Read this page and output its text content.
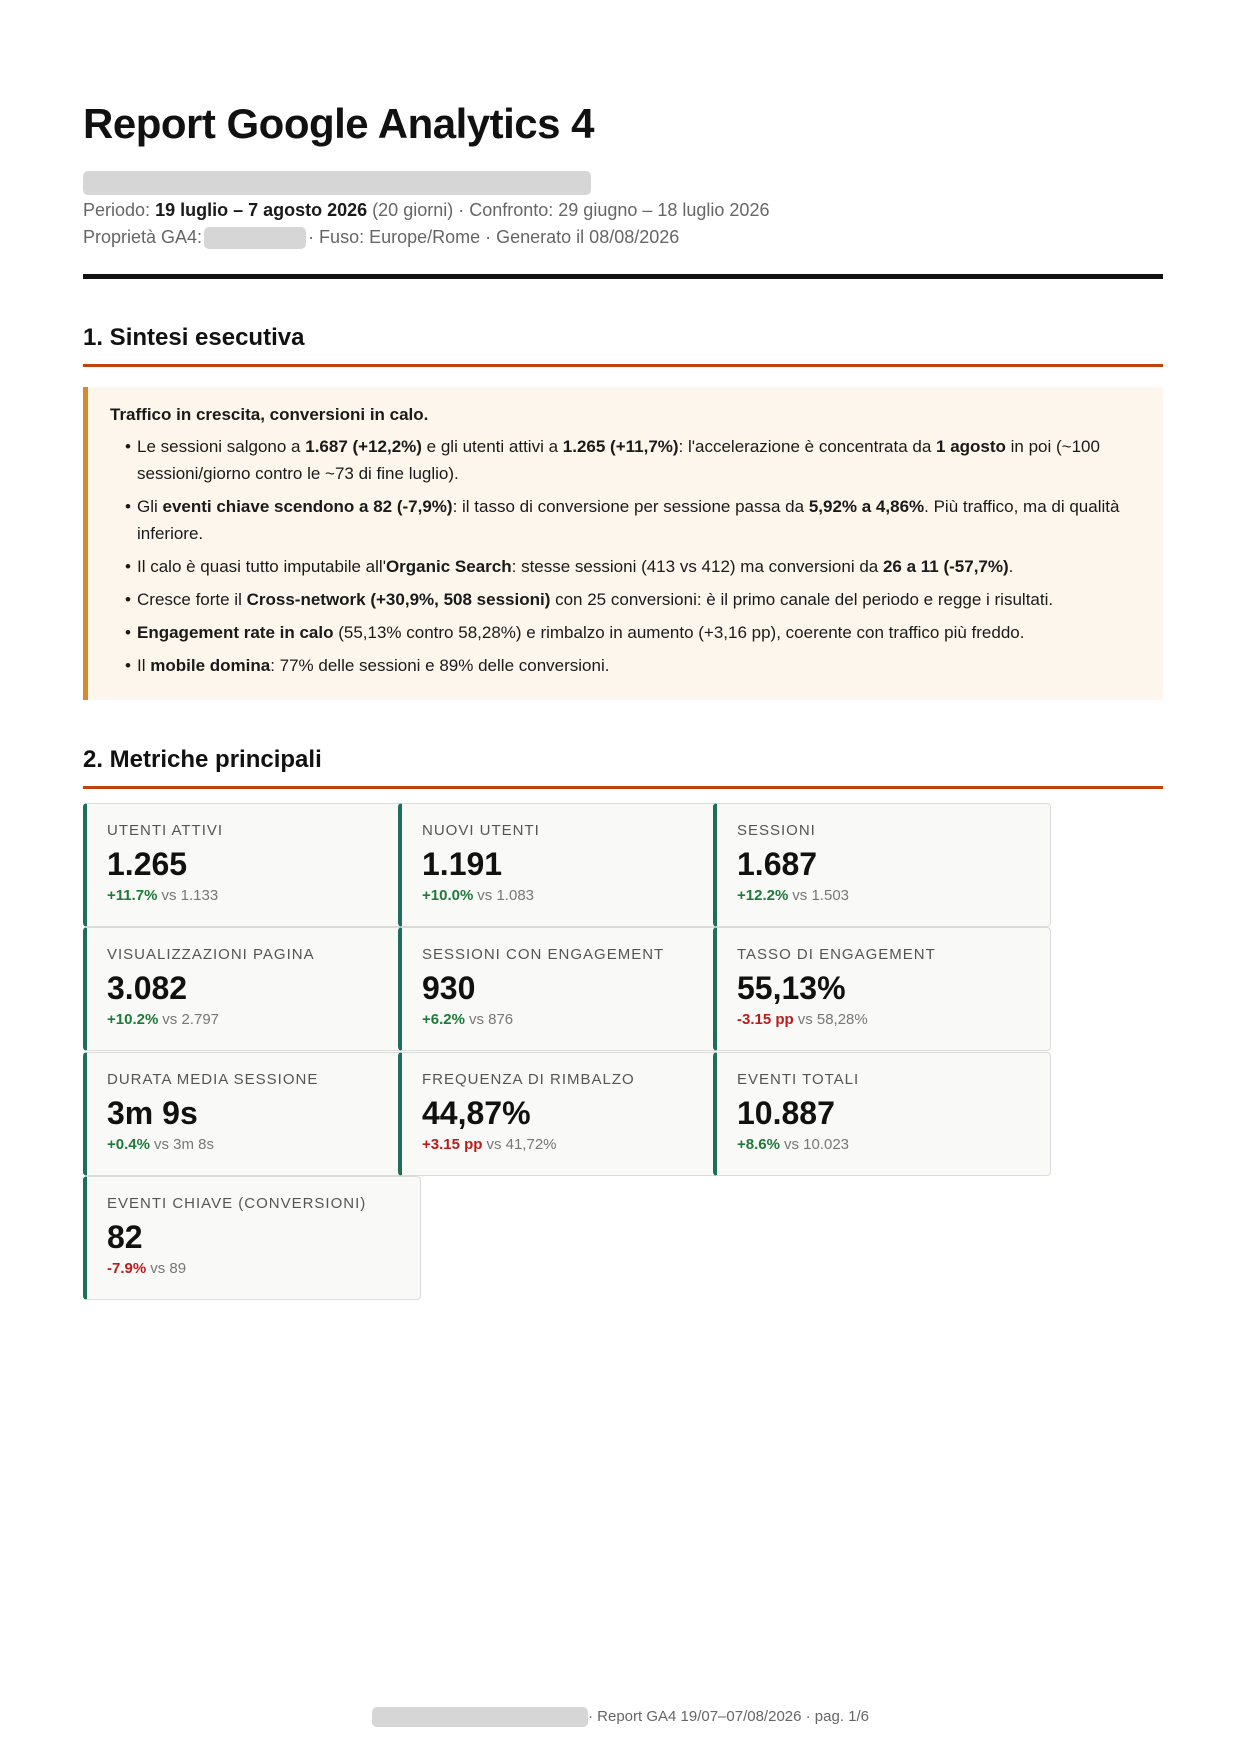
Report Google Analytics 4
Periodo: 19 luglio – 7 agosto 2026 (20 giorni) · Confronto: 29 giugno – 18 luglio 2026
Proprietà GA4:	· Fuso: Europe/Rome · Generato il 08/08/2026
1. Sintesi esecutiva

Traffico in crescita, conversioni in calo.

• Le sessioni salgono a 1.687 (+12,2%) e gli utenti attivi a 1.265 (+11,7%): l'accelerazione è concentrata da 1 agosto in poi (~100 sessioni/giorno contro le ~73 di fine luglio).
• Gli eventi chiave scendono a 82 (-7,9%): il tasso di conversione per sessione passa da 5,92% a 4,86%. Più traffico, ma di qualità inferiore.
• Il calo è quasi tutto imputabile all'Organic Search: stesse sessioni (413 vs 412) ma conversioni da 26 a 11 (-57,7%).
• Cresce forte il Cross-network (+30,9%, 508 sessioni) con 25 conversioni: è il primo canale del periodo e regge i risultati.
• Engagement rate in calo (55,13% contro 58,28%) e rimbalzo in aumento (+3,16 pp), coerente con traffico più freddo.
• Il mobile domina: 77% delle sessioni e 89% delle conversioni.
2. Metriche principali
UTENTI ATTIVI
1.265
+11.7% vs 1.133
NUOVI UTENTI
1.191
+10.0% vs 1.083
SESSIONI
1.687
+12.2% vs 1.503
VISUALIZZAZIONI PAGINA
3.082
+10.2% vs 2.797
SESSIONI CON ENGAGEMENT
930
+6.2% vs 876
TASSO DI ENGAGEMENT
55,13%
-3.15 pp vs 58,28%
DURATA MEDIA SESSIONE
3m 9s
+0.4% vs 3m 8s
FREQUENZA DI RIMBALZO
44,87%
+3.15 pp vs 41,72%
EVENTI TOTALI
10.887
+8.6% vs 10.023
EVENTI CHIAVE (CONVERSIONI)
82
-7.9% vs 89
· Report GA4 19/07–07/08/2026 · pag. 1/6
